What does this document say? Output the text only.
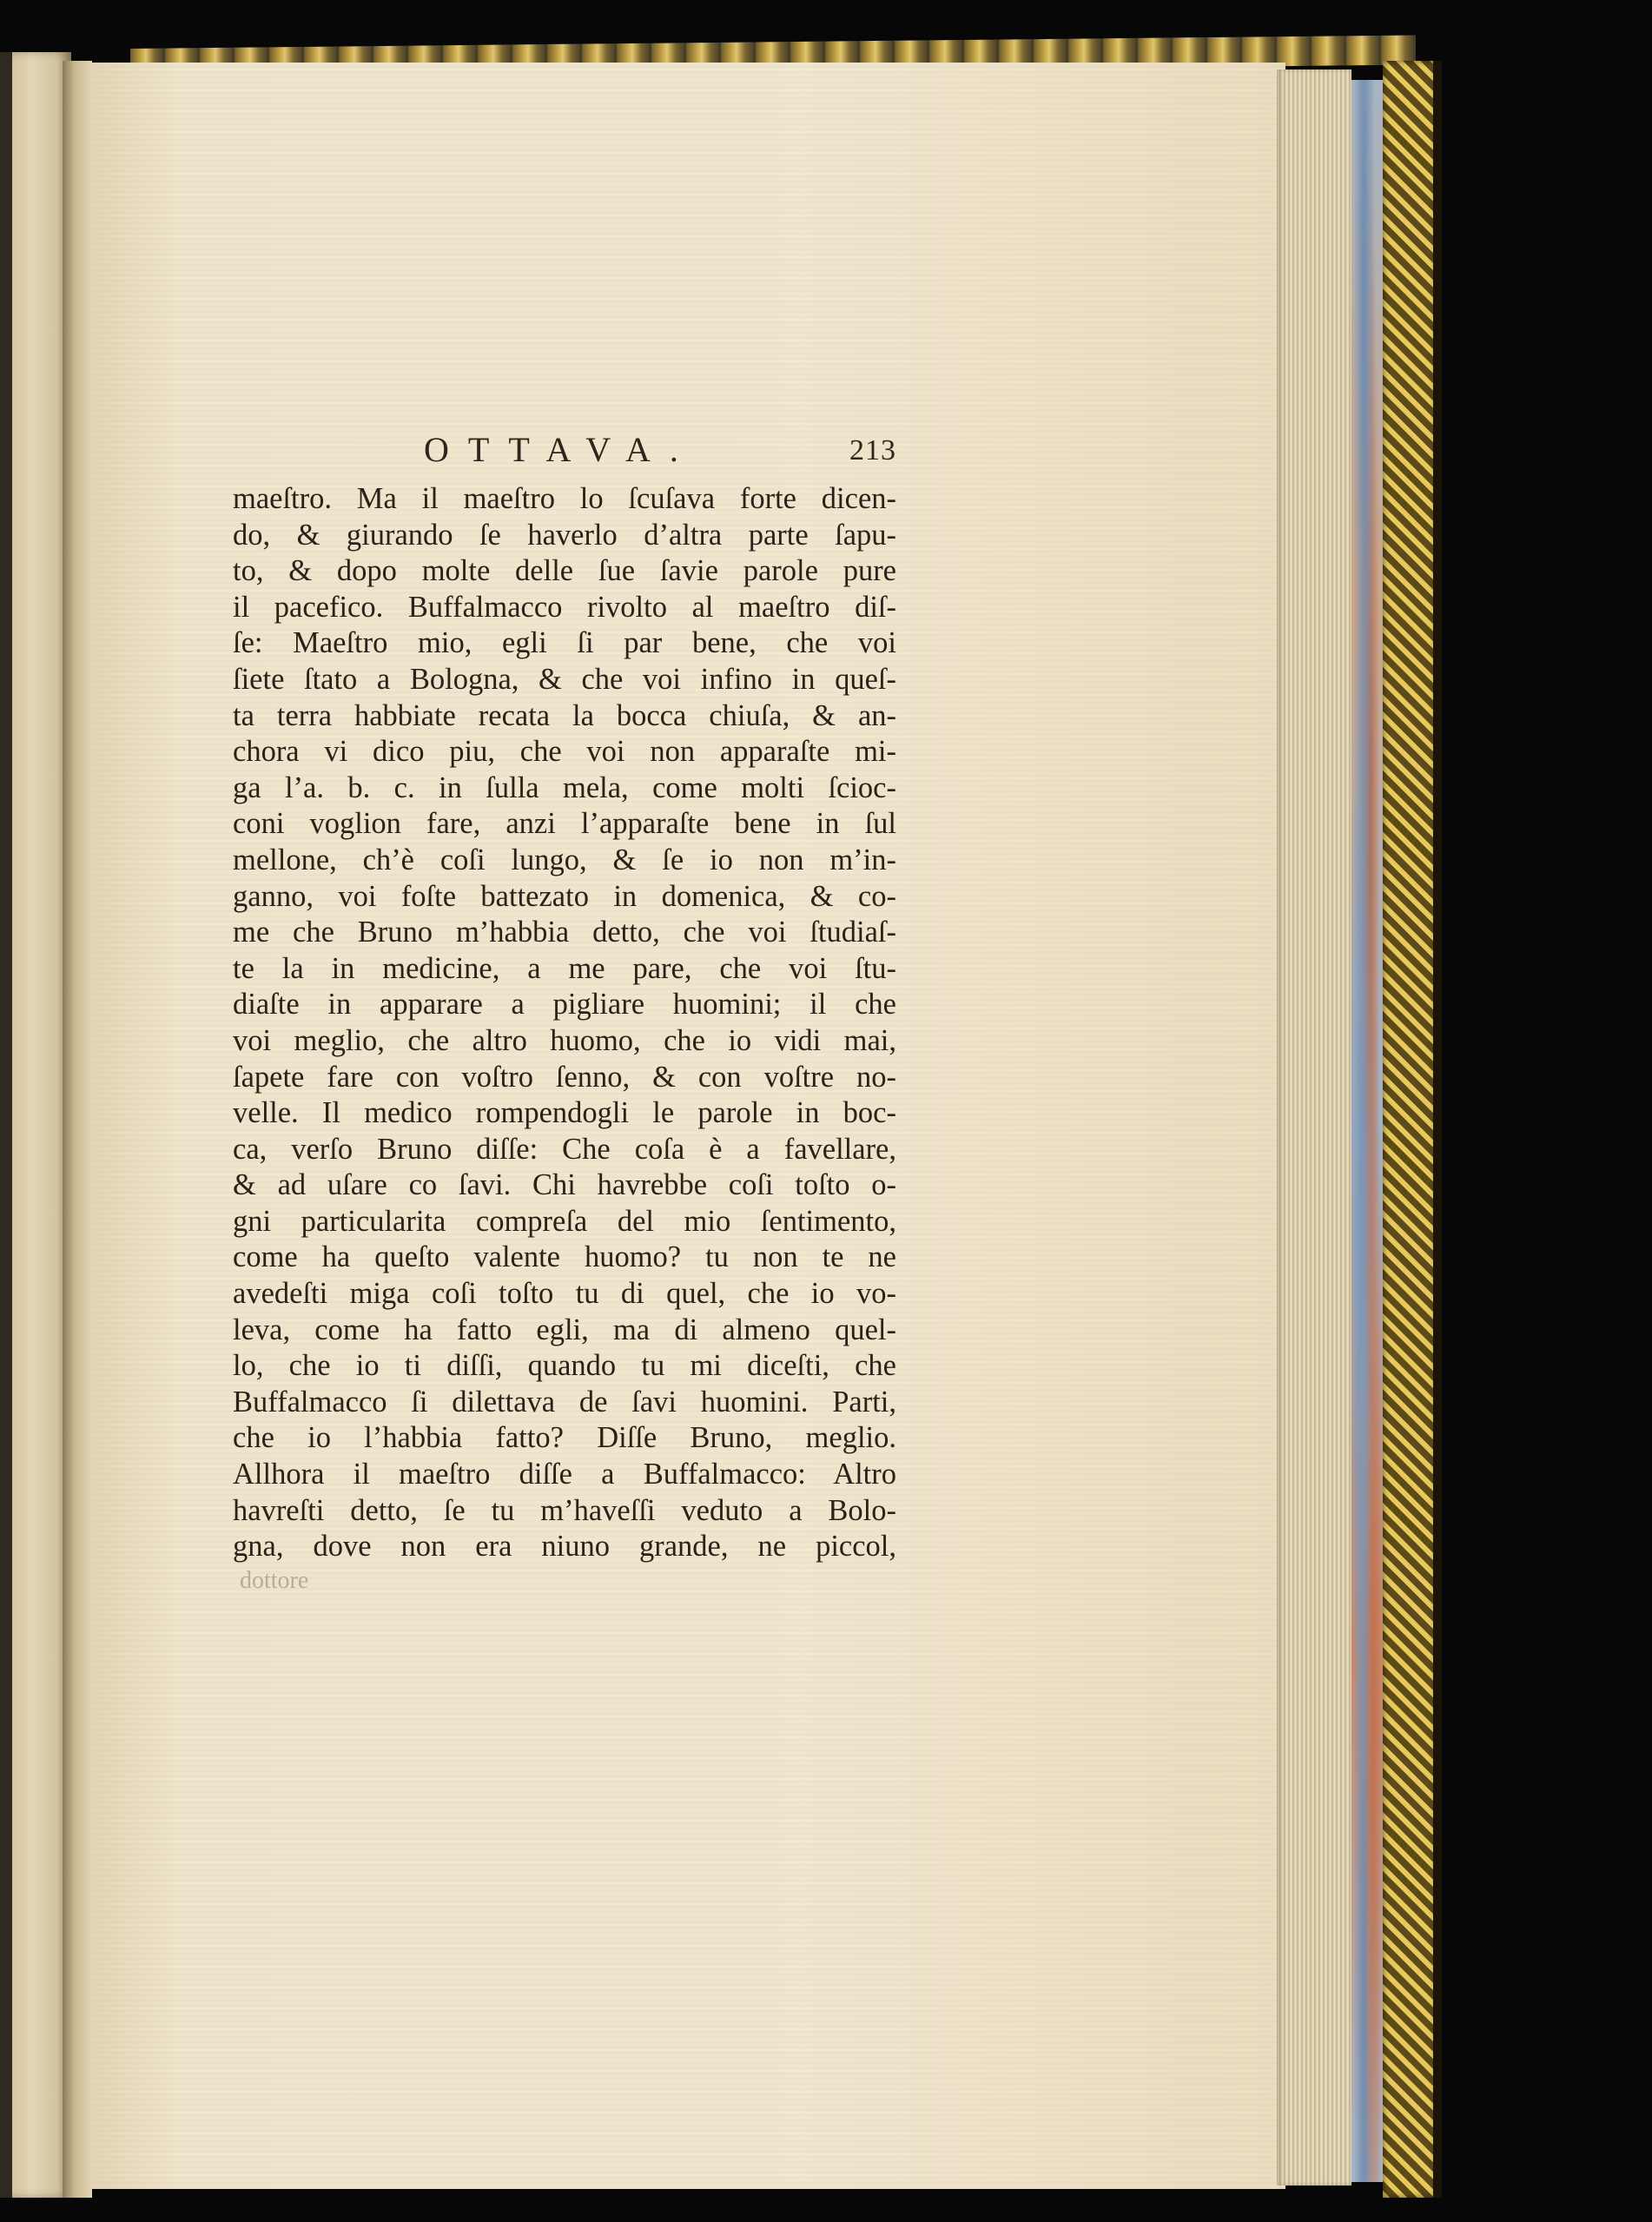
OTTAVA.	213
maeſtro. Ma il maeſtro lo ſcuſava forte dicen-
do, & giurando ſe haverlo d’altra parte ſapu-
to, & dopo molte delle ſue ſavie parole pure
il pacefico. Buffalmacco rivolto al maeſtro diſ-
ſe: Maeſtro mio, egli ſi par bene, che voi
ſiete ſtato a Bologna, & che voi infino in queſ-
ta terra habbiate recata la bocca chiuſa, & an-
chora vi dico piu, che voi non apparaſte mi-
ga l’a. b. c. in ſulla mela, come molti ſcioc-
coni voglion fare, anzi l’apparaſte bene in ſul
mellone, ch’è coſi lungo, & ſe io non m’in-
ganno, voi foſte battezato in domenica, & co-
me che Bruno m’habbia detto, che voi ſtudiaſ-
te la in medicine, a me pare, che voi ſtu-
diaſte in apparare a pigliare huomini; il che
voi meglio, che altro huomo, che io vidi mai,
ſapete fare con voſtro ſenno, & con voſtre no-
velle. Il medico rompendogli le parole in boc-
ca, verſo Bruno diſſe: Che coſa è a favellare,
& ad uſare co ſavi. Chi havrebbe coſi toſto o-
gni particularita compreſa del mio ſentimento,
come ha queſto valente huomo? tu non te ne
avedeſti miga coſi toſto tu di quel, che io vo-
leva, come ha fatto egli, ma di almeno quel-
lo, che io ti diſſi, quando tu mi diceſti, che
Buffalmacco ſi dilettava de ſavi huomini. Parti,
che io l’habbia fatto? Diſſe Bruno, meglio.
Allhora il maeſtro diſſe a Buffalmacco: Altro
havreſti detto, ſe tu m’haveſſi veduto a Bolo-
gna, dove non era niuno grande, ne piccol,
dottore
